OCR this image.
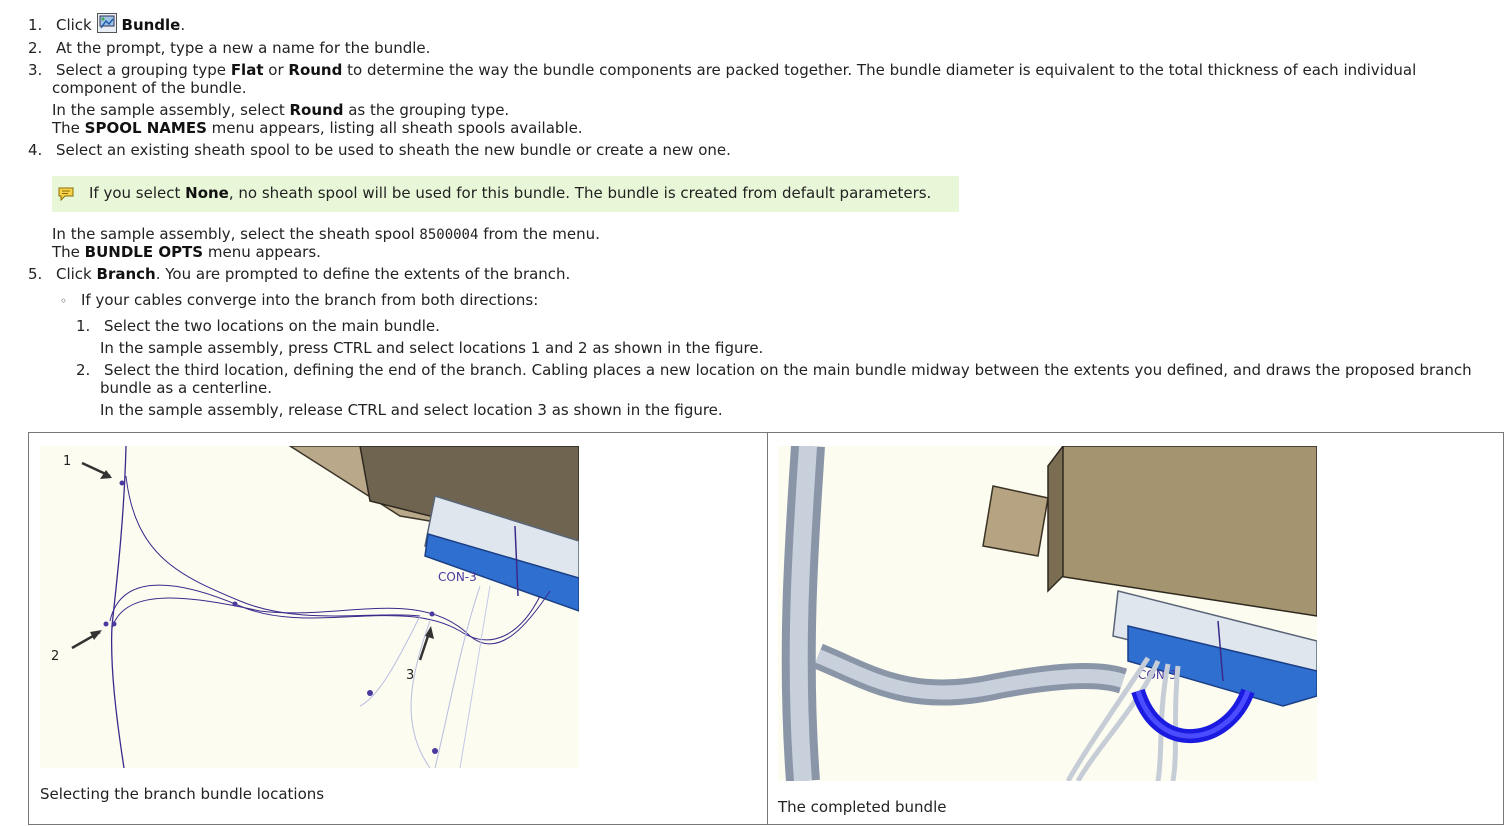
1. Click Bundle.
2. At the prompt, type a new a name for the bundle.
3. Select a grouping type Flat or Round to determine the way the bundle components are packed together. The bundle diameter is equivalent to the total thickness of each individual
component of the bundle.
In the sample assembly, select Round as the grouping type.
The SPOOL NAMES menu appears, listing all sheath spools available.
4. Select an existing sheath spool to be used to sheath the new bundle or create a new one.
If you select None, no sheath spool will be used for this bundle. The bundle is created from default parameters.
In the sample assembly, select the sheath spool 8500004 from the menu.
The BUNDLE OPTS menu appears.
5. Click Branch. You are prompted to define the extents of the branch.
◦ If your cables converge into the branch from both directions:
1. Select the two locations on the main bundle.
In the sample assembly, press CTRL and select locations 1 and 2 as shown in the figure.
2. Select the third location, defining the end of the branch. Cabling places a new location on the main bundle midway between the extents you defined, and draws the proposed branch
bundle as a centerline.
In the sample assembly, release CTRL and select location 3 as shown in the figure.
CON-3
1
2
3
Selecting the branch bundle locations
CON-3
The completed bundle
